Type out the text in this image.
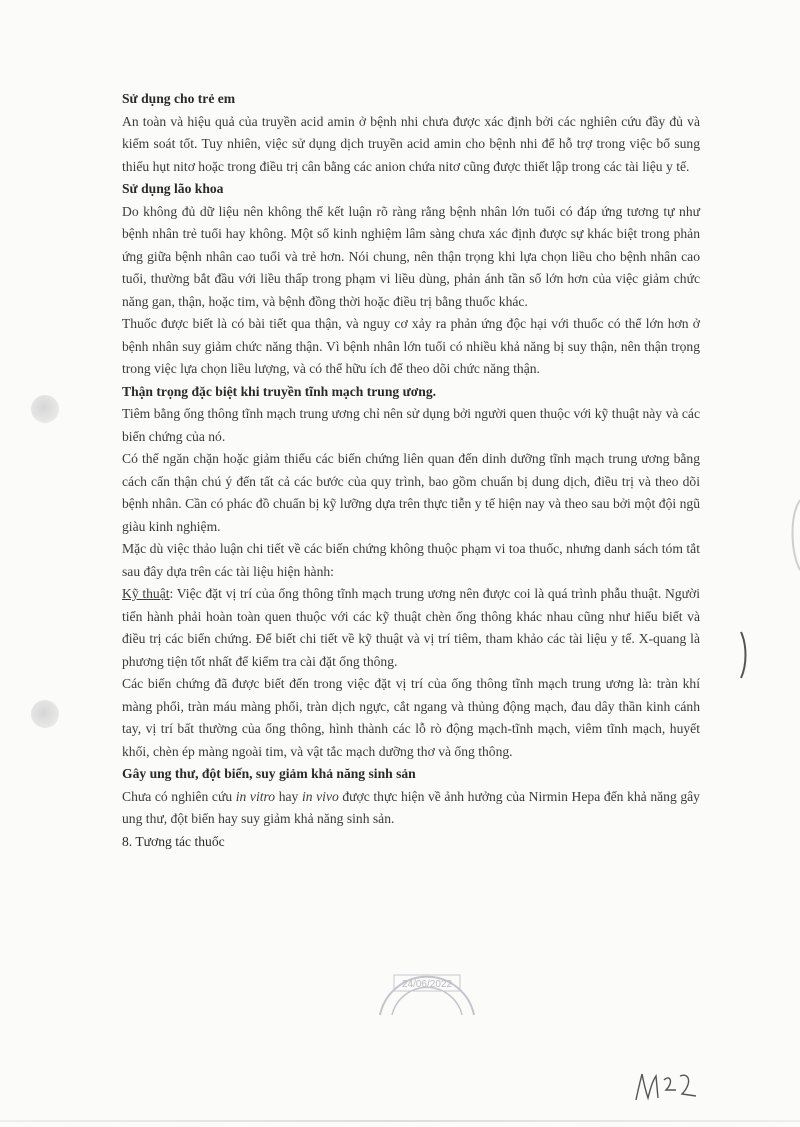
Sử dụng cho trẻ em

An toàn và hiệu quả của truyền acid amin ở bệnh nhi chưa được xác định bởi các nghiên cứu đầy đủ và kiểm soát tốt. Tuy nhiên, việc sử dụng dịch truyền acid amin cho bệnh nhi để hỗ trợ trong việc bổ sung thiếu hụt nitơ hoặc trong điều trị cân bằng các anion chứa nitơ cũng được thiết lập trong các tài liệu y tế.

Sử dụng lão khoa

Do không đủ dữ liệu nên không thể kết luận rõ ràng rằng bệnh nhân lớn tuổi có đáp ứng tương tự như bệnh nhân trẻ tuổi hay không. Một số kinh nghiệm lâm sàng chưa xác định được sự khác biệt trong phản ứng giữa bệnh nhân cao tuổi và trẻ hơn. Nói chung, nên thận trọng khi lựa chọn liều cho bệnh nhân cao tuổi, thường bắt đầu với liều thấp trong phạm vi liều dùng, phản ánh tần số lớn hơn của việc giảm chức năng gan, thận, hoặc tim, và bệnh đồng thời hoặc điều trị bằng thuốc khác.

Thuốc được biết là có bài tiết qua thận, và nguy cơ xảy ra phản ứng độc hại với thuốc có thể lớn hơn ở bệnh nhân suy giảm chức năng thận. Vì bệnh nhân lớn tuổi có nhiều khả năng bị suy thận, nên thận trọng trong việc lựa chọn liều lượng, và có thể hữu ích để theo dõi chức năng thận.

Thận trọng đặc biệt khi truyền tĩnh mạch trung ương.

Tiêm bằng ống thông tĩnh mạch trung ương chỉ nên sử dụng bởi người quen thuộc với kỹ thuật này và các biến chứng của nó.

Có thể ngăn chặn hoặc giảm thiểu các biến chứng liên quan đến dinh dưỡng tĩnh mạch trung ương bằng cách cẩn thận chú ý đến tất cả các bước của quy trình, bao gồm chuẩn bị dung dịch, điều trị và theo dõi bệnh nhân. Cần có phác đồ chuẩn bị kỹ lưỡng dựa trên thực tiễn y tế hiện nay và theo sau bởi một đội ngũ giàu kinh nghiệm.

Mặc dù việc thảo luận chi tiết về các biến chứng không thuộc phạm vi toa thuốc, nhưng danh sách tóm tắt sau đây dựa trên các tài liệu hiện hành:

Kỹ thuật: Việc đặt vị trí của ống thông tĩnh mạch trung ương nên được coi là quá trình phẫu thuật. Người tiến hành phải hoàn toàn quen thuộc với các kỹ thuật chèn ống thông khác nhau cũng như hiểu biết và điều trị các biến chứng. Để biết chi tiết về kỹ thuật và vị trí tiêm, tham khảo các tài liệu y tế. X-quang là phương tiện tốt nhất để kiểm tra cài đặt ống thông.

Các biến chứng đã được biết đến trong việc đặt vị trí của ống thông tĩnh mạch trung ương là: tràn khí màng phổi, tràn máu màng phổi, tràn dịch ngực, cắt ngang và thủng động mạch, đau dây thần kinh cánh tay, vị trí bất thường của ống thông, hình thành các lỗ rò động mạch-tĩnh mạch, viêm tĩnh mạch, huyết khối, chèn ép màng ngoài tim, và vật tắc mạch dưỡng thơ và ống thông.

Gây ung thư, đột biến, suy giảm khả năng sinh sản

Chưa có nghiên cứu in vitro hay in vivo được thực hiện về ảnh hưởng của Nirmin Hepa đến khả năng gây ung thư, đột biến hay suy giảm khả năng sinh sản.

8. Tương tác thuốc

24/06/2022
